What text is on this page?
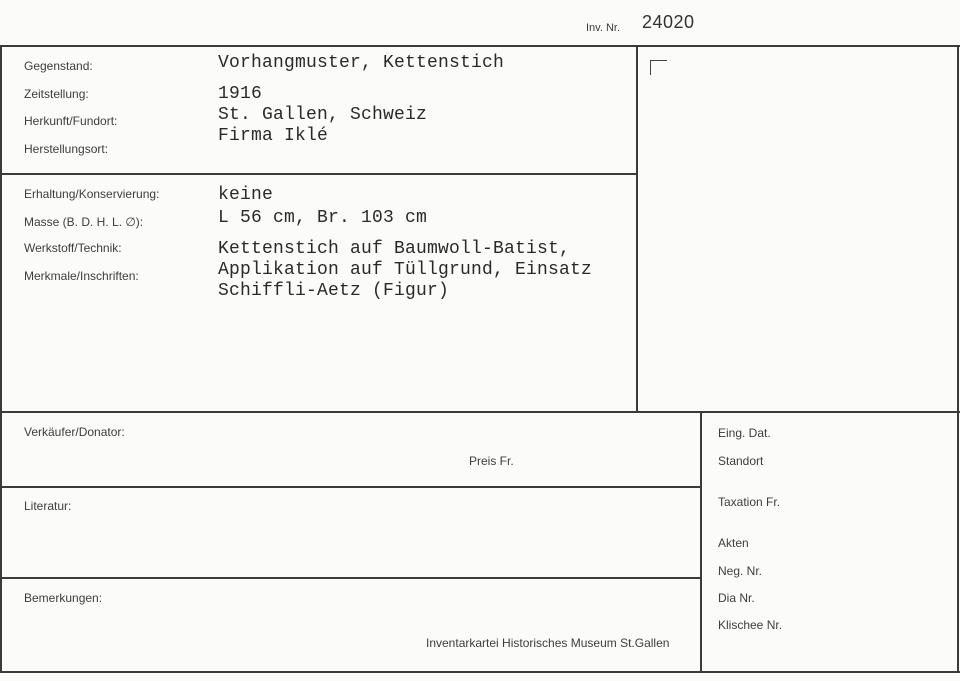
Inv. Nr. 24020
Gegenstand:
Zeitstellung:
Herkunft/Fundort:
Herstellungsort:
Vorhangmuster, Kettenstich
1916
St. Gallen, Schweiz
Firma Iklé
Erhaltung/Konservierung:
Masse (B. D. H. L. ∅):
Werkstoff/Technik:
Merkmale/Inschriften:
keine
L 56 cm, Br. 103 cm
Kettenstich auf Baumwoll-Batist,
Applikation auf Tüllgrund, Einsatz
Schiffli-Aetz (Figur)
Verkäufer/Donator:
Preis Fr.
Literatur:
Bemerkungen:
Inventarkartei Historisches Museum St.Gallen
Eing. Dat.
Standort
Taxation Fr.
Akten
Neg. Nr.
Dia Nr.
Klischee Nr.
